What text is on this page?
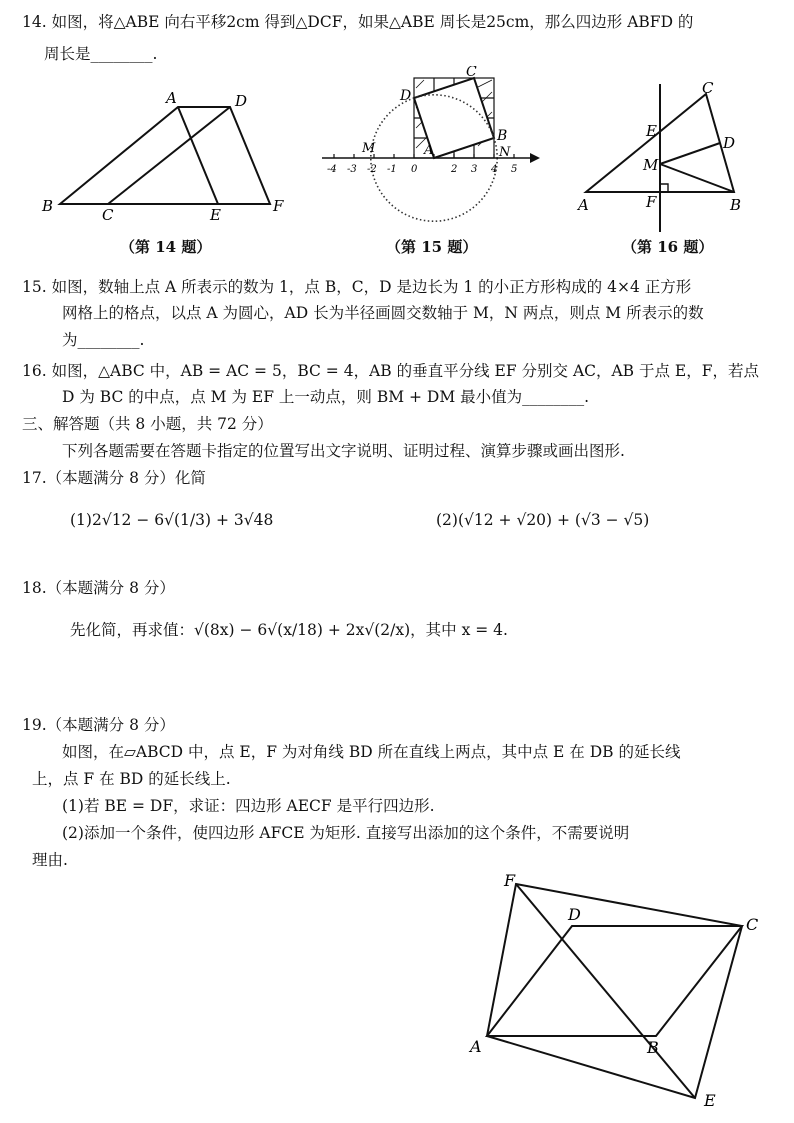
14. 如图，将△ABE 向右平移2cm 得到△DCF，如果△ABE 周长是25cm，那么四边形 ABFD 的
周长是________.
A	D
B	C	E	F
（第 14 题）
-4 -3 -2 -1 0	2 3 4 5
C
D
M	A
B
N
（第 15 题）
C
D
E
M
A	F	B
（第 16 题）
15. 如图，数轴上点 A 所表示的数为 1，点 B，C，D 是边长为 1 的小正方形构成的 4×4 正方形
网格上的格点，以点 A 为圆心，AD 长为半径画圆交数轴于 M，N 两点，则点 M 所表示的数
为________.
16. 如图，△ABC 中，AB = AC = 5，BC = 4，AB 的垂直平分线 EF 分别交 AC，AB 于点 E，F，若点
D 为 BC 的中点，点 M 为 EF 上一动点，则 BM + DM 最小值为________.
三、解答题（共 8 小题，共 72 分）
下列各题需要在答题卡指定的位置写出文字说明、证明过程、演算步骤或画出图形.
17.（本题满分 8 分）化简
(1)2√12 − 6√(1/3) + 3√48	(2)(√12 + √20) + (√3 − √5)
18.（本题满分 8 分）
先化简，再求值：√(8x) − 6√(x/18) + 2x√(2/x)，其中 x = 4.
19.（本题满分 8 分）
如图，在▱ABCD 中，点 E，F 为对角线 BD 所在直线上两点，其中点 E 在 DB 的延长线
上，点 F 在 BD 的延长线上.
(1)若 BE = DF，求证：四边形 AECF 是平行四边形.
(2)添加一个条件，使四边形 AFCE 为矩形. 直接写出添加的这个条件，不需要说明
理由.
F
D
C
A	B
E
